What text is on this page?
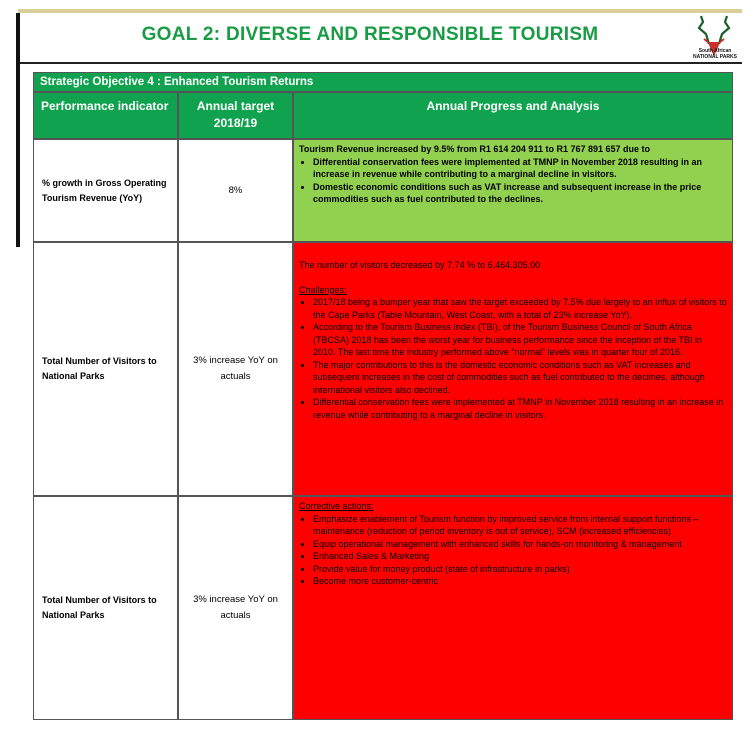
GOAL 2: DIVERSE AND RESPONSIBLE TOURISM
South African
NATIONAL PARKS
Strategic Objective 4 : Enhanced Tourism Returns
Performance indicator	Annual target 2018/19
Annual Progress and Analysis
% growth in Gross Operating Tourism Revenue (YoY)
8%
Tourism Revenue increased by 9.5% from R1 614 204 911 to R1 767 891 657 due to
• Differential conservation fees were implemented at TMNP in November 2018 resulting in an increase in revenue while contributing to a marginal decline in visitors.
• Domestic economic conditions such as VAT increase and subsequent increase in the price commodities such as fuel contributed to the declines.
Total Number of Visitors to National Parks
3% increase YoY on actuals
The number of visitors decreased by 7.74 % to 6,464,305.00
Challenges:
• 2017/18 being a bumper year that saw the target exceeded by 7.5% due largely to an influx of visitors to the Cape Parks (Table Mountain, West Coast, with a total of 23% increase YoY).
• According to the Tourism Business Index (TBI), of the Tourism Business Council of South Africa (TBCSA) 2018 has been the worst year for business performance since the inception of the TBI in 2010. The last time the industry performed above “normal” levels was in quarter four of 2016.
• The major contributions to this is the domestic economic conditions such as VAT increases and subsequent increases in the cost of commodities such as fuel contributed to the declines, although international visitors also declined.
• Differential conservation fees were implemented at TMNP in November 2018 resulting in an increase in revenue while contributing to a marginal decline in visitors.
Total Number of Visitors to National Parks
3% increase YoY on actuals
Corrective actions:
• Emphasize enablement of Tourism function by improved service from internal support functions – maintenance (reduction of period inventory is out of service), SCM (increased efficiencies)
• Equip operational management with enhanced skills for hands-on monitoring & management
• Enhanced Sales & Marketing
• Provide value for money product (state of infrastructure in parks)
• Become more customer-centric
